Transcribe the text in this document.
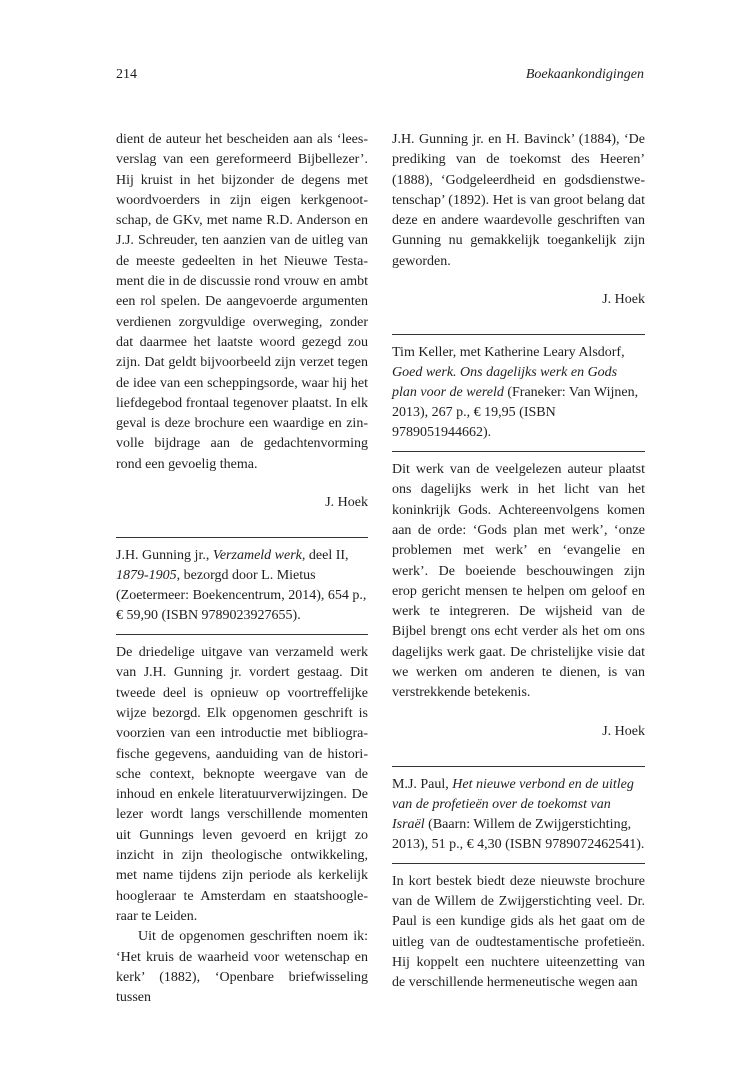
214	Boekaankondigingen

dient de auteur het bescheiden aan als ‘leesverslag van een gereformeerd Bijbellezer’. Hij kruist in het bijzonder de degens met woordvoerders in zijn eigen kerkgenootschap, de GKv, met name R.D. Anderson en J.J. Schreuder, ten aanzien van de uitleg van de meeste gedeelten in het Nieuwe Testament die in de discussie rond vrouw en ambt een rol spelen. De aangevoerde argumenten verdienen zorgvuldige overweging, zonder dat daarmee het laatste woord gezegd zou zijn. Dat geldt bijvoorbeeld zijn verzet tegen de idee van een scheppingsorde, waar hij het liefdegebod frontaal tegenover plaatst. In elk geval is deze brochure een waardige en zinvolle bijdrage aan de gedachtenvorming rond een gevoelig thema.

J. Hoek
J.H. Gunning jr., Verzameld werk, deel II, 1879-1905, bezorgd door L. Mietus (Zoetermeer: Boekencentrum, 2014), 654 p., € 59,90 (ISBN 9789023927655).

De driedelige uitgave van verzameld werk van J.H. Gunning jr. vordert gestaag. Dit tweede deel is opnieuw op voortreffelijke wijze bezorgd. Elk opgenomen geschrift is voorzien van een introductie met bibliografische gegevens, aanduiding van de historische context, beknopte weergave van de inhoud en enkele literatuurverwijzingen. De lezer wordt langs verschillende momenten uit Gunnings leven gevoerd en krijgt zo inzicht in zijn theologische ontwikkeling, met name tijdens zijn periode als kerkelijk hoogleraar te Amsterdam en staatshoogleraar te Leiden.

Uit de opgenomen geschriften noem ik: ‘Het kruis de waarheid voor wetenschap en kerk’ (1882), ‘Openbare briefwisseling tussen

J.H. Gunning jr. en H. Bavinck’ (1884), ‘De prediking van de toekomst des Heeren’ (1888), ‘Godgeleerdheid en godsdienstwetenschap’ (1892). Het is van groot belang dat deze en andere waardevolle geschriften van Gunning nu gemakkelijk toegankelijk zijn geworden.

J. Hoek
Tim Keller, met Katherine Leary Alsdorf, Goed werk. Ons dagelijks werk en Gods plan voor de wereld (Franeker: Van Wijnen, 2013), 267 p., € 19,95 (ISBN 9789051944662).

Dit werk van de veelgelezen auteur plaatst ons dagelijks werk in het licht van het koninkrijk Gods. Achtereenvolgens komen aan de orde: ‘Gods plan met werk’, ‘onze problemen met werk’ en ‘evangelie en werk’. De boeiende beschouwingen zijn erop gericht mensen te helpen om geloof en werk te integreren. De wijsheid van de Bijbel brengt ons echt verder als het om ons dagelijks werk gaat. De christelijke visie dat we werken om anderen te dienen, is van verstrekkende betekenis.

J. Hoek
M.J. Paul, Het nieuwe verbond en de uitleg van de profetieën over de toekomst van Israël (Baarn: Willem de Zwijgerstichting, 2013), 51 p., € 4,30 (ISBN 9789072462541).

In kort bestek biedt deze nieuwste brochure van de Willem de Zwijgerstichting veel. Dr. Paul is een kundige gids als het gaat om de uitleg van de oudtestamentische profetieën. Hij koppelt een nuchtere uiteenzetting van de verschillende hermeneutische wegen aan
